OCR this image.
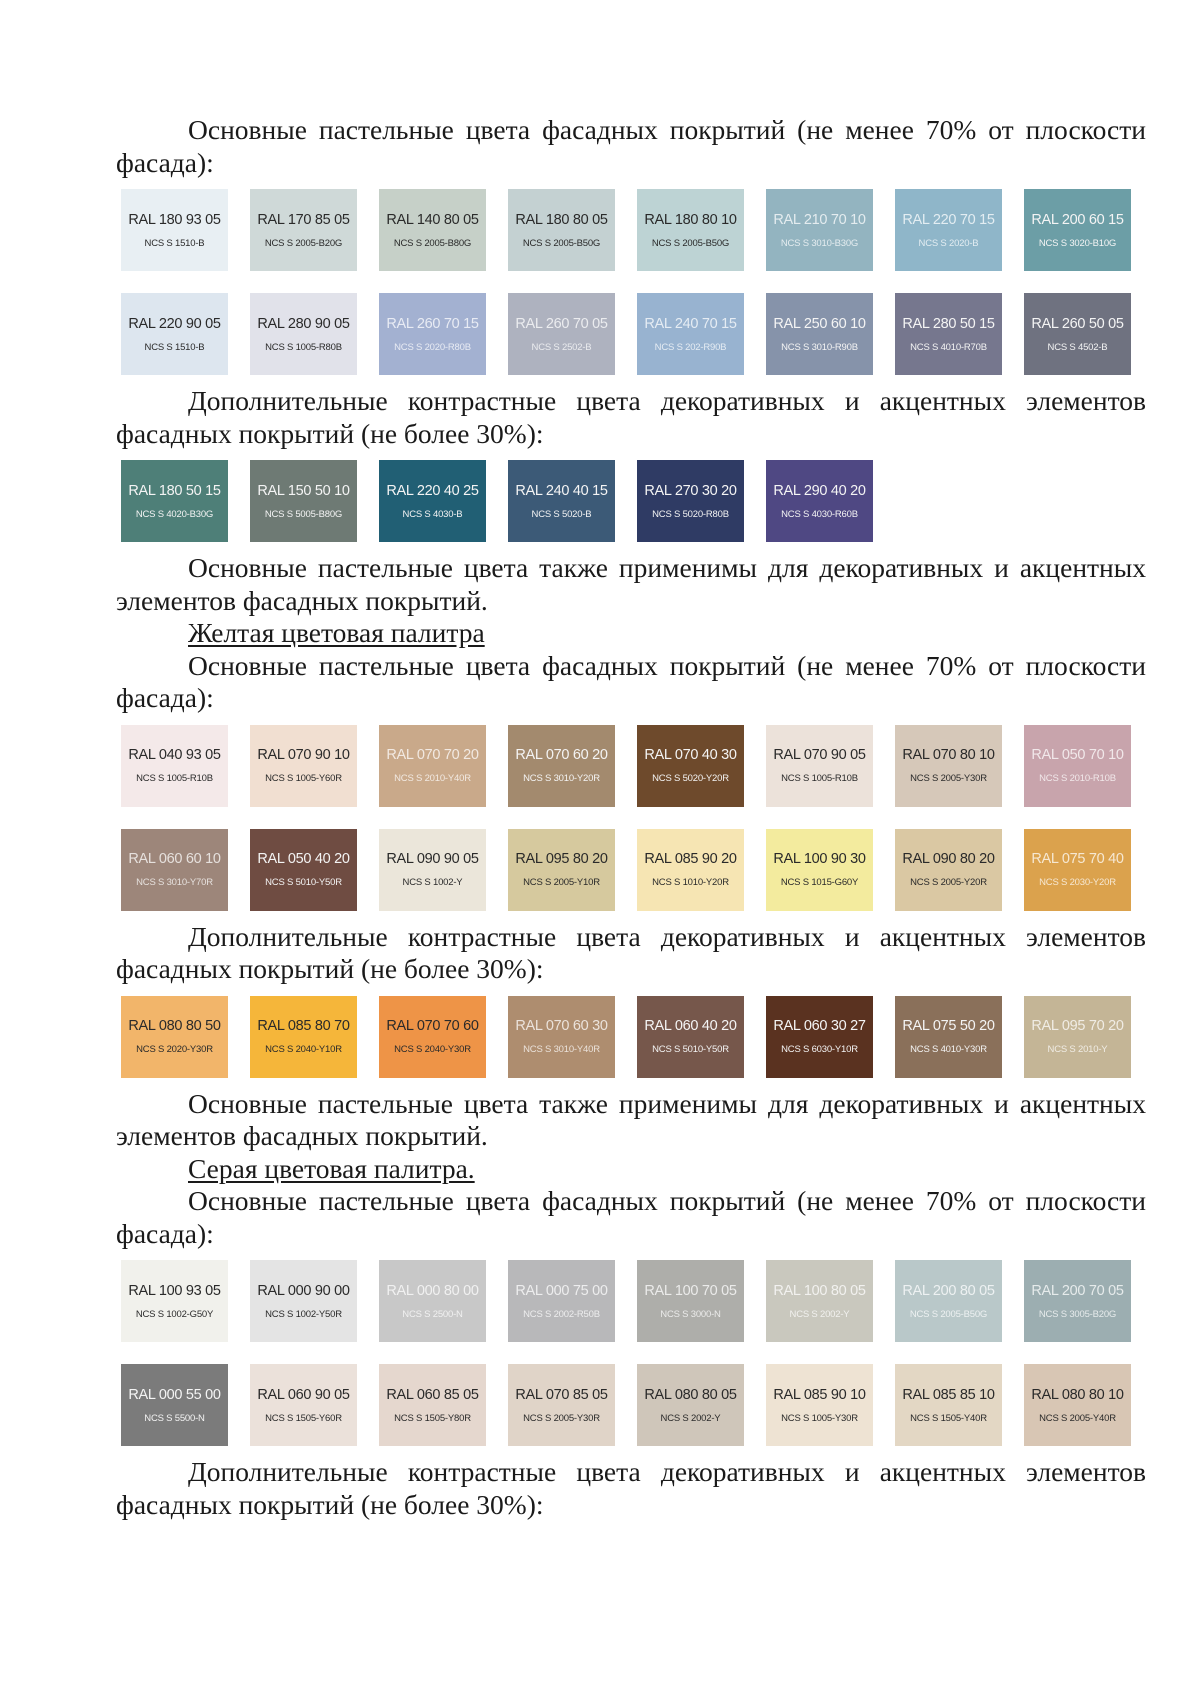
Основные пастельные цвета фасадных покрытий (не менее 70% от плоскости фасада):

RAL 180 93 05
NCS S 1510-B
RAL 170 85 05
NCS S 2005-B20G
RAL 140 80 05
NCS S 2005-B80G
RAL 180 80 05
NCS S 2005-B50G
RAL 180 80 10
NCS S 2005-B50G
RAL 210 70 10
NCS S 3010-B30G
RAL 220 70 15
NCS S 2020-B
RAL 200 60 15
NCS S 3020-B10G
RAL 220 90 05
NCS S 1510-B
RAL 280 90 05
NCS S 1005-R80B
RAL 260 70 15
NCS S 2020-R80B
RAL 260 70 05
NCS S 2502-B
RAL 240 70 15
NCS S 202-R90B
RAL 250 60 10
NCS S 3010-R90B
RAL 280 50 15
NCS S 4010-R70B
RAL 260 50 05
NCS S 4502-B

Дополнительные контрастные цвета декоративных и акцентных элементов фасадных покрытий (не более 30%):

RAL 180 50 15
NCS S 4020-B30G
RAL 150 50 10
NCS S 5005-B80G
RAL 220 40 25
NCS S 4030-B
RAL 240 40 15
NCS S 5020-B
RAL 270 30 20
NCS S 5020-R80B
RAL 290 40 20
NCS S 4030-R60B

Основные пастельные цвета также применимы для декоративных и акцентных элементов фасадных покрытий.

Желтая цветовая палитра

Основные пастельные цвета фасадных покрытий (не менее 70% от плоскости фасада):

RAL 040 93 05
NCS S 1005-R10B
RAL 070 90 10
NCS S 1005-Y60R
RAL 070 70 20
NCS S 2010-Y40R
RAL 070 60 20
NCS S 3010-Y20R
RAL 070 40 30
NCS S 5020-Y20R
RAL 070 90 05
NCS S 1005-R10B
RAL 070 80 10
NCS S 2005-Y30R
RAL 050 70 10
NCS S 2010-R10B
RAL 060 60 10
NCS S 3010-Y70R
RAL 050 40 20
NCS S 5010-Y50R
RAL 090 90 05
NCS S 1002-Y
RAL 095 80 20
NCS S 2005-Y10R
RAL 085 90 20
NCS S 1010-Y20R
RAL 100 90 30
NCS S 1015-G60Y
RAL 090 80 20
NCS S 2005-Y20R
RAL 075 70 40
NCS S 2030-Y20R

Дополнительные контрастные цвета декоративных и акцентных элементов фасадных покрытий (не более 30%):

RAL 080 80 50
NCS S 2020-Y30R
RAL 085 80 70
NCS S 2040-Y10R
RAL 070 70 60
NCS S 2040-Y30R
RAL 070 60 30
NCS S 3010-Y40R
RAL 060 40 20
NCS S 5010-Y50R
RAL 060 30 27
NCS S 6030-Y10R
RAL 075 50 20
NCS S 4010-Y30R
RAL 095 70 20
NCS S 2010-Y

Основные пастельные цвета также применимы для декоративных и акцентных элементов фасадных покрытий.

Серая цветовая палитра.

Основные пастельные цвета фасадных покрытий (не менее 70% от плоскости фасада):

RAL 100 93 05
NCS S 1002-G50Y
RAL 000 90 00
NCS S 1002-Y50R
RAL 000 80 00
NCS S 2500-N
RAL 000 75 00
NCS S 2002-R50B
RAL 100 70 05
NCS S 3000-N
RAL 100 80 05
NCS S 2002-Y
RAL 200 80 05
NCS S 2005-B50G
RAL 200 70 05
NCS S 3005-B20G
RAL 000 55 00
NCS S 5500-N
RAL 060 90 05
NCS S 1505-Y60R
RAL 060 85 05
NCS S 1505-Y80R
RAL 070 85 05
NCS S 2005-Y30R
RAL 080 80 05
NCS S 2002-Y
RAL 085 90 10
NCS S 1005-Y30R
RAL 085 85 10
NCS S 1505-Y40R
RAL 080 80 10
NCS S 2005-Y40R

Дополнительные контрастные цвета декоративных и акцентных элементов фасадных покрытий (не более 30%):
